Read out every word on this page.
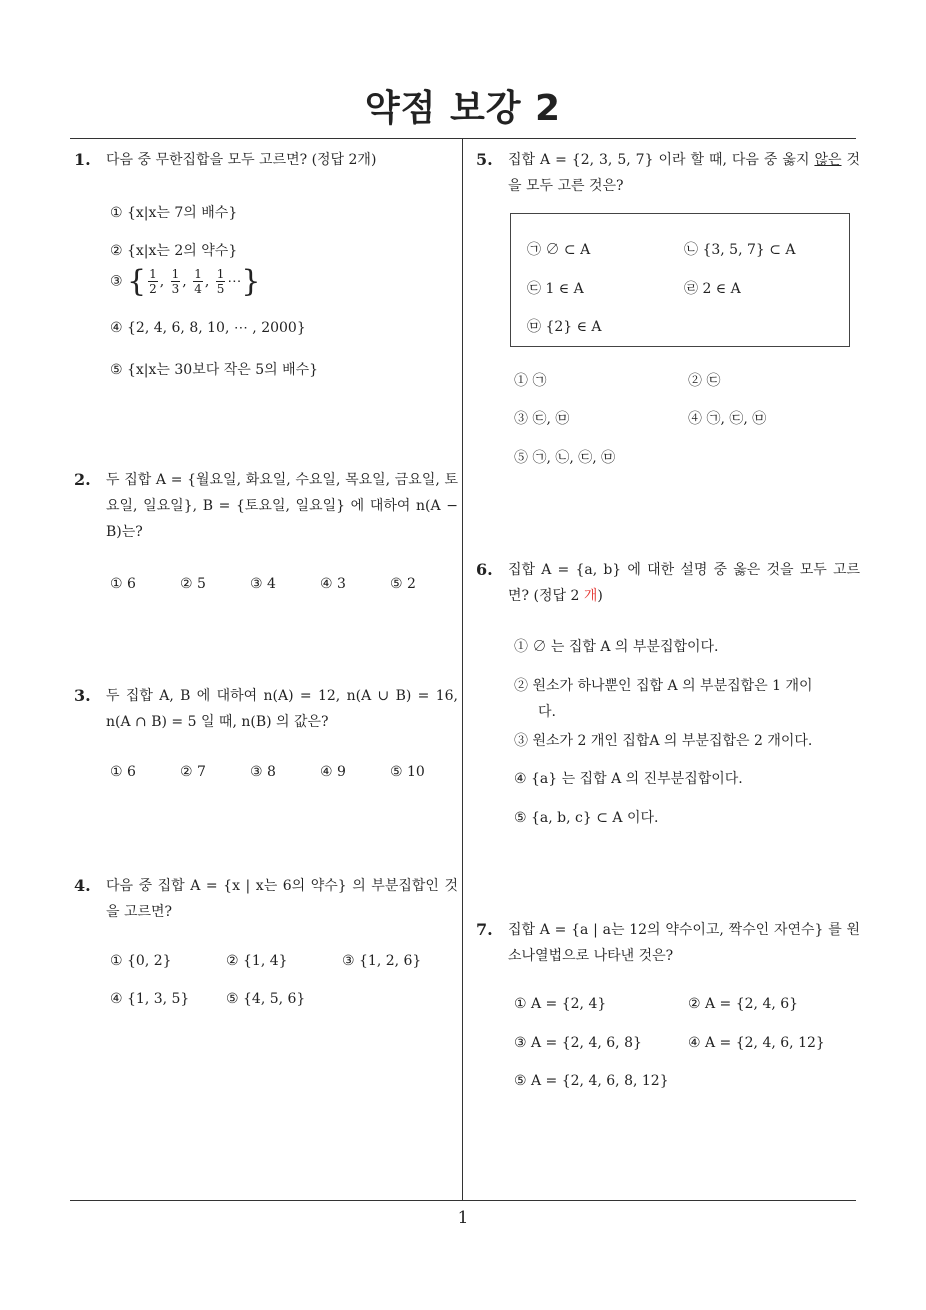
약점 보강 2
1
1. 다음 중 무한집합을 모두 고르면? (정답 2개)
① {x|x는 7의 배수}
② {x|x는 2의 약수}
③ { $\frac{1}{2}$ , $\frac{1}{3}$ , $\frac{1}{4}$ , $\frac{1}{5}$ ⋯}
④ {2, 4, 6, 8, 10, ⋯ , 2000}
⑤ {x|x는 30보다 작은 5의 배수}
2. 두 집합 A = {월요일, 화요일, 수요일, 목요일, 금요일, 토요일, 일요일}, B = {토요일, 일요일} 에 대하여 n(A − B)는?
① 6	② 5	③ 4	④ 3	⑤ 2
3. 두 집합 A, B 에 대하여 n(A) = 12, n(A ∪ B) = 16, n(A ∩ B) = 5 일 때, n(B) 의 값은?
① 6	② 7	③ 8	④ 9	⑤ 10
4. 다음 중 집합 A = {x | x는 6의 약수} 의 부분집합인 것을 고르면?
① {0, 2}	② {1, 4}	③ {1, 2, 6}
④ {1, 3, 5}	⑤ {4, 5, 6}
5. 집합 A = {2, 3, 5, 7} 이라 할 때, 다음 중 옳지 않은 것을 모두 고른 것은?
㉠ ∅ ⊂ A	㉡ {3, 5, 7} ⊂ A
㉢ 1 ∈ A	㉣ 2 ∈ A
㉤ {2} ∈ A
① ㉠	② ㉢
③ ㉢, ㉤	④ ㉠, ㉢, ㉤
⑤ ㉠, ㉡, ㉢, ㉤
6. 집합 A = {a, b} 에 대한 설명 중 옳은 것을 모두 고르면? (정답 2 개)
① ∅ 는 집합 A 의 부분집합이다.
② 원소가 하나뿐인 집합 A 의 부분집합은 1 개이
다.
③ 원소가 2 개인 집합A 의 부분집합은 2 개이다.
④ {a} 는 집합 A 의 진부분집합이다.
⑤ {a, b, c} ⊂ A 이다.
7. 집합 A = {a | a는 12의 약수이고, 짝수인 자연수} 를 원소나열법으로 나타낸 것은?
① A = {2, 4}	② A = {2, 4, 6}
③ A = {2, 4, 6, 8}	④ A = {2, 4, 6, 12}
⑤ A = {2, 4, 6, 8, 12}
